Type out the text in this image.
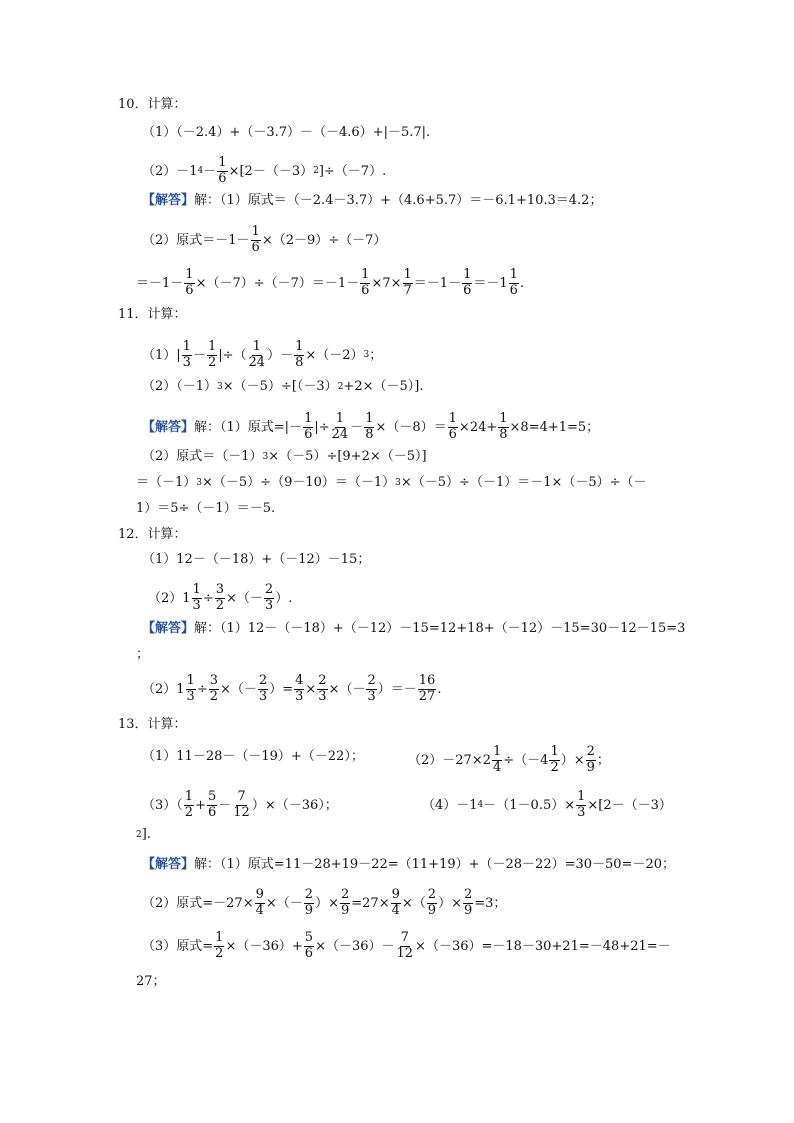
10．计算：
（1）（－2.4）+（－3.7）－（－4.6）+|－5.7|.
（2）－1 $4 - \frac{1}{6} \times[2-(-3)$ 2 ]÷（－7）.
【解答】 解：（1）原式＝（－2.4－3.7）+（4.6+5.7）＝－6.1+10.3＝4.2；
（2）原式$=-1- \frac{1}{6} \times(2-9)\div(-7)$
$=-1- \frac{1}{6} \times(-7)\div(-7)=-1- \frac{1}{6} \times 7\times \frac{1}{7} =-1- \frac{1}{6} =-1 \frac{1}{6}$ .
11．计算：
$(1)| \frac{1}{3} - \frac{1}{2}$ |÷（ $\frac{1}{24}$ ）－ $\frac{1}{8} \times(-2)$ 3 ；
（2）（－1） 3 ×（－5）÷[（－3） 2 +2×（－5）].
【解答】 解：（1）原式=|－ $\frac{1}{6}$ |÷ $\frac{1}{24} - \frac{1}{8} \times(-8)= \frac{1}{6} \times 24+ \frac{1}{8} \times 8=4+1=5$；
（2）原式＝（－1） 3 ×（－5）÷[9+2×（－5）]
＝（－1） 3 ×（－5）÷（9－10）＝（－1） 3 ×（－5）÷（－1）＝－1×（－5）÷（－
1）＝5÷（－1）＝－5.
12．计算：
（1）12－（－18）+（－12）－15；
$(2)1 \frac{1}{3} \div \frac{3}{2}$ ×（－ $\frac{2}{3}$ ）.
【解答】 解：（1）12－（－18）+（－12）－15=12+18+（－12）－15=30－12－15=3
；
$(2)1 \frac{1}{3} \div \frac{3}{2}$ ×（－ $\frac{2}{3}$ ）= $\frac{4}{3} \times \frac{2}{3}$ ×（－ $\frac{2}{3}$ ）＝－ $\frac{16}{27}$ .
13．计算：
（1）11－28－（－19）+（－22）；	$(2)-27\times 2 \frac{1}{4} \div(-4 \frac{1}{2}$ ）× $\frac{2}{9}$ ；
$(3)( \frac{1}{2} + \frac{5}{6} - \frac{7}{12} )\times(-36)$；	（4）－1 $4 -(1-0.5)\times \frac{1}{3} \times[2-(-3)$
2 ].
【解答】 解：（1）原式=11－28+19－22=（11+19）+（－28－22）=30－50=－20；
（2）原式$=-27\times \frac{9}{4}$ ×（－ $\frac{2}{9}$ ）× $\frac{2}{9} =27\times \frac{9}{4}$ ×（ $\frac{2}{9}$ ）× $\frac{2}{9} =3$；
（3）原式= $\frac{1}{2} \times(-36)+ \frac{5}{6} \times(-36)- \frac{7}{12} \times(-36)=-18-30+21=-48+21=-$
27；
